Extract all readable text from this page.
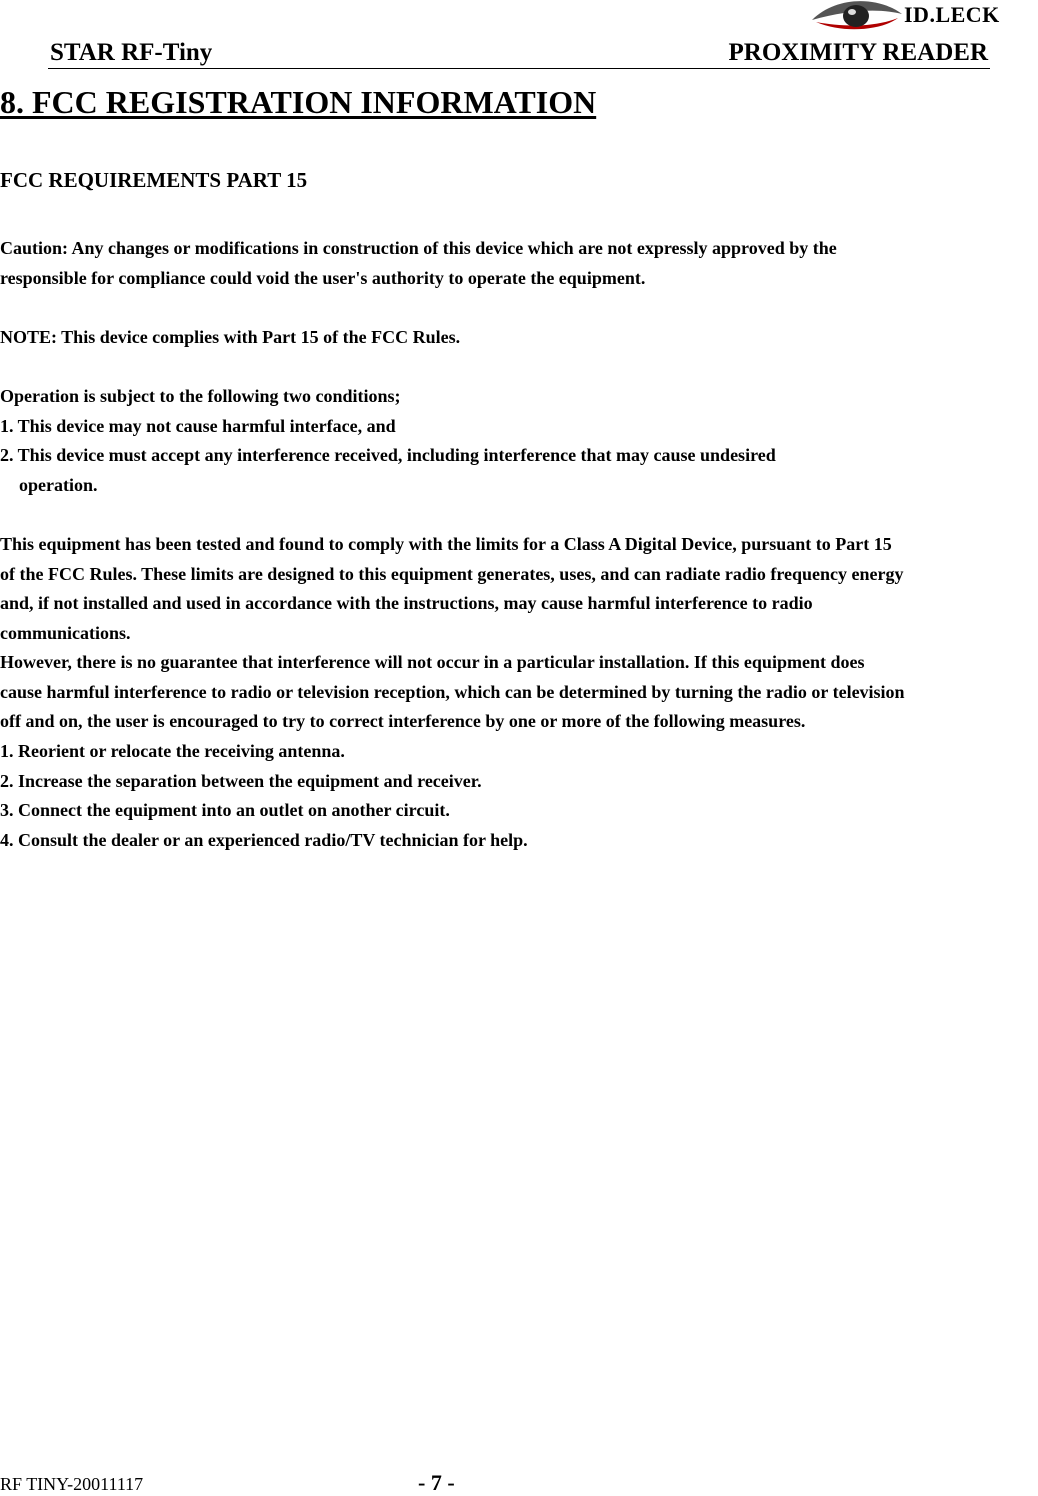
ID.LECK
STAR RF-Tiny	PROXIMITY READER
8. FCC REGISTRATION INFORMATION
FCC REQUIREMENTS PART 15

Caution: Any changes or modifications in construction of this device which are not expressly approved by the
responsible for compliance could void the user's authority to operate the equipment.

NOTE: This device complies with Part 15 of the FCC Rules.

Operation is subject to the following two conditions;
1. This device may not cause harmful interface, and
2. This device must accept any interference received, including interference that may cause undesired
operation.

This equipment has been tested and found to comply with the limits for a Class A Digital Device, pursuant to Part 15
of the FCC Rules. These limits are designed to this equipment generates, uses, and can radiate radio frequency energy
and, if not installed and used in accordance with the instructions, may cause harmful interference to radio
communications.
However, there is no guarantee that interference will not occur in a particular installation. If this equipment does
cause harmful interference to radio or television reception, which can be determined by turning the radio or television
off and on, the user is encouraged to try to correct interference by one or more of the following measures.

1. Reorient or relocate the receiving antenna.
2. Increase the separation between the equipment and receiver.
3. Connect the equipment into an outlet on another circuit.
4. Consult the dealer or an experienced radio/TV technician for help.

RF TINY-20011117	- 7 -
